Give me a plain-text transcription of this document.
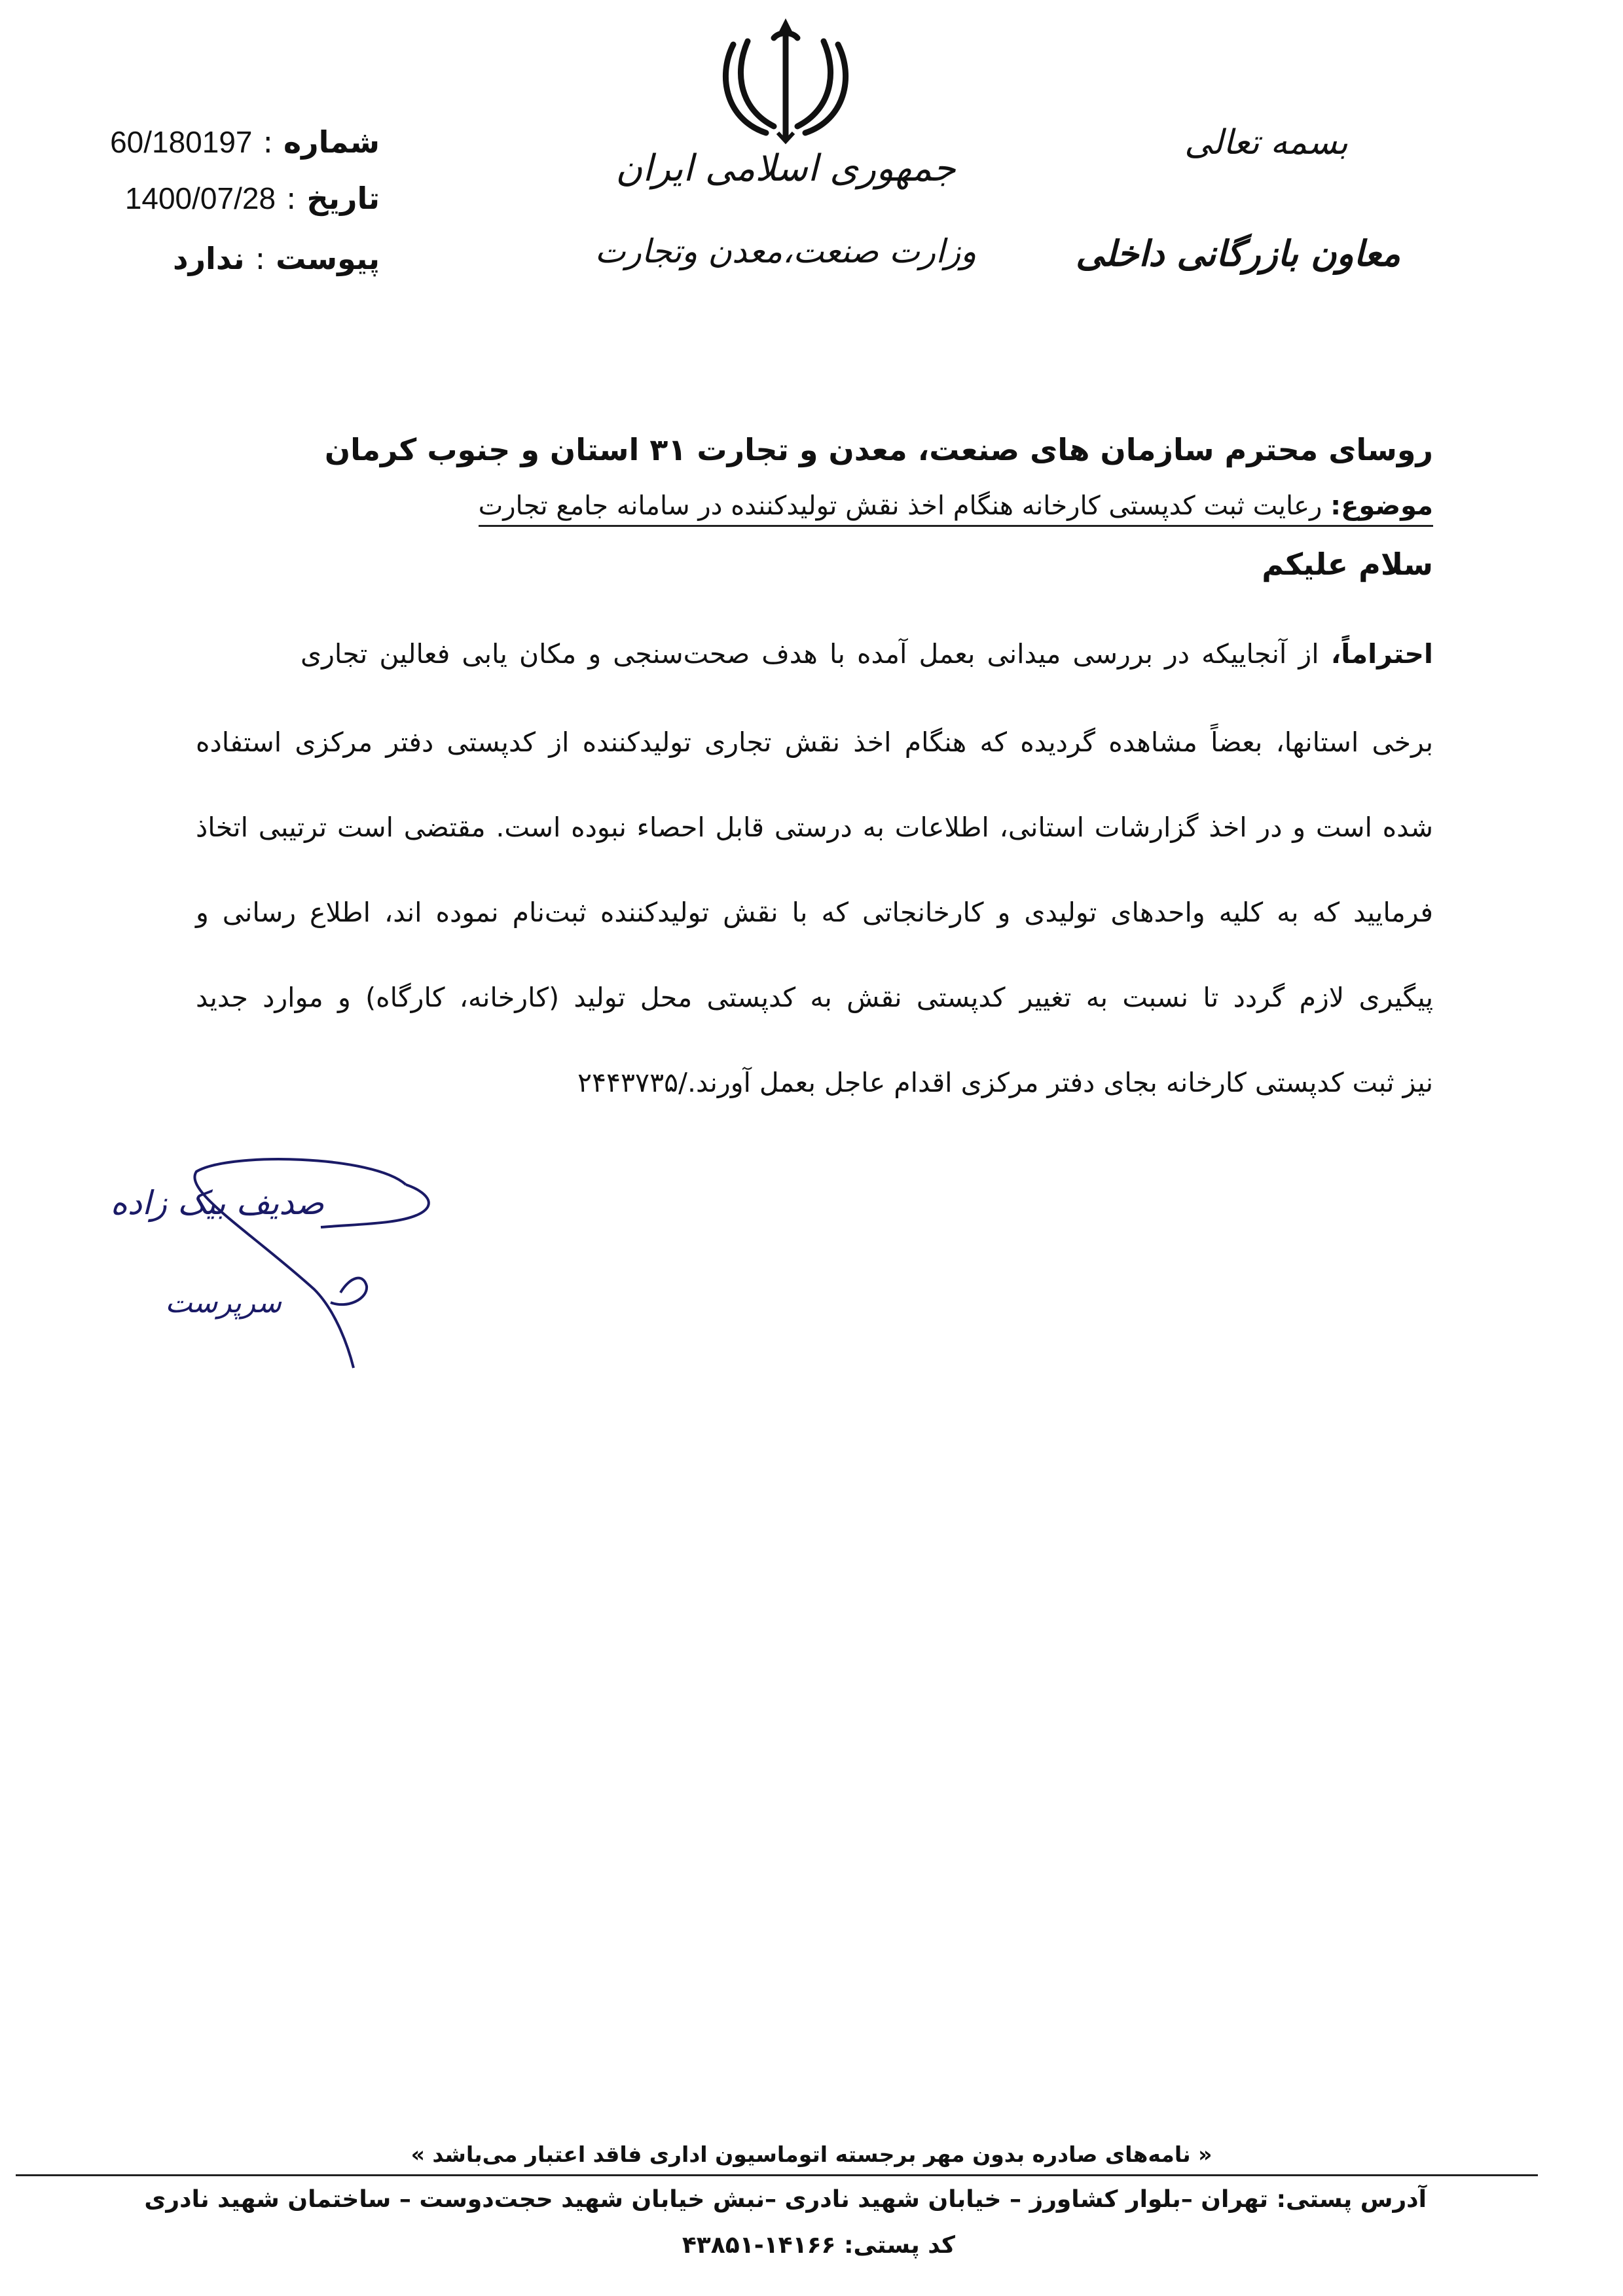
شماره
:
60/180197
تاریخ
:
1400/07/28
پیوست
:
ندارد
جمهوری اسلامی ایران
وزارت صنعت،معدن وتجارت
بسمه تعالی
معاون بازرگانی داخلی
روسای محترم سازمان های صنعت، معدن و تجارت ۳۱ استان و جنوب کرمان
موضوع: رعایت ثبت کدپستی کارخانه هنگام اخذ نقش تولیدکننده در سامانه جامع تجارت
سلام علیکم
احتراماً، از آنجاییکه در بررسی میدانی بعمل آمده با هدف صحت‌سنجی و مکان یابی فعالین تجاری
برخی استانها، بعضاً مشاهده گردیده که هنگام اخذ نقش تجاری تولیدکننده از کدپستی دفتر مرکزی استفاده
شده است و در اخذ گزارشات استانی، اطلاعات به درستی قابل احصاء نبوده است. مقتضی است ترتیبی اتخاذ
فرمایید که به کلیه واحدهای تولیدی و کارخانجاتی که با نقش تولیدکننده ثبت‌نام نموده اند، اطلاع رسانی و
پیگیری لازم گردد تا نسبت به تغییر کدپستی نقش به کدپستی محل تولید (کارخانه، کارگاه) و موارد جدید
نیز ثبت کدپستی کارخانه بجای دفتر مرکزی اقدام عاجل بعمل آورند./۲۴۴۳۷۳۵
صدیف بیک زاده
سرپرست
« نامه‌های صادره بدون مهر برجسته اتوماسیون اداری فاقد اعتبار می‌باشد »
آدرس پستی: تهران –بلوار کشاورز – خیابان شهید نادری –نبش خیابان شهید حجت‌دوست – ساختمان شهید نادری
کد پستی: ۱۴۱۶۶-۴۳۸۵۱
